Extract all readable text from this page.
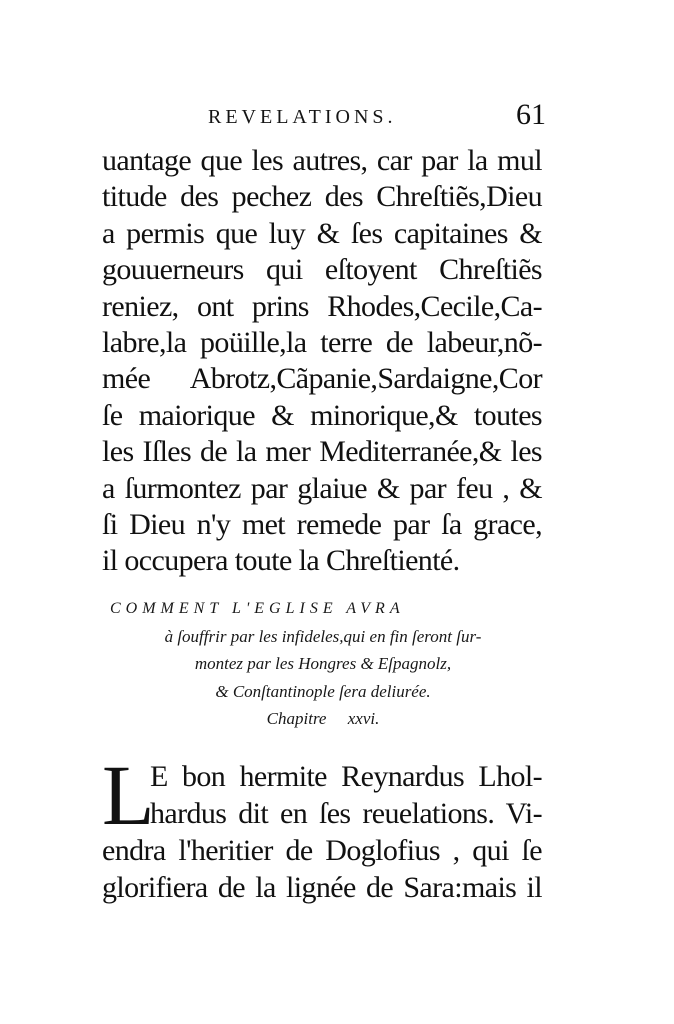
REVELATIONS.	61
uantage que les autres, car par la mul
titude des pechez des Chreſtiẽs,Dieu
a permis que luy & ſes capitaines &
gouuerneurs qui eſtoyent Chreſtiẽs
reniez, ont prins Rhodes,Cecile,Ca-
labre,la poüille,la terre de labeur,nõ-
mée Abrotz,Cãpanie,Sardaigne,Cor
ſe maiorique & minorique,& toutes
les Iſles de la mer Mediterranée,& les
a ſurmontez par glaiue & par feu , &
ſi Dieu n'y met remede par ſa grace,
il occupera toute la Chreſtienté.
COMMENT L'EGLISE AVRA
à ſouffrir par les infideles,qui en fin ſeront ſur-
montez par les Hongres & Eſpagnolz,
& Conſtantinople ſera deliurée.
Chapitre     xxvi.
L
E bon hermite Reynardus Lhol-
hardus dit en ſes reuelations. Vi-
endra l'heritier de Doglofius , qui ſe
glorifiera de la lignée de Sara:mais il
